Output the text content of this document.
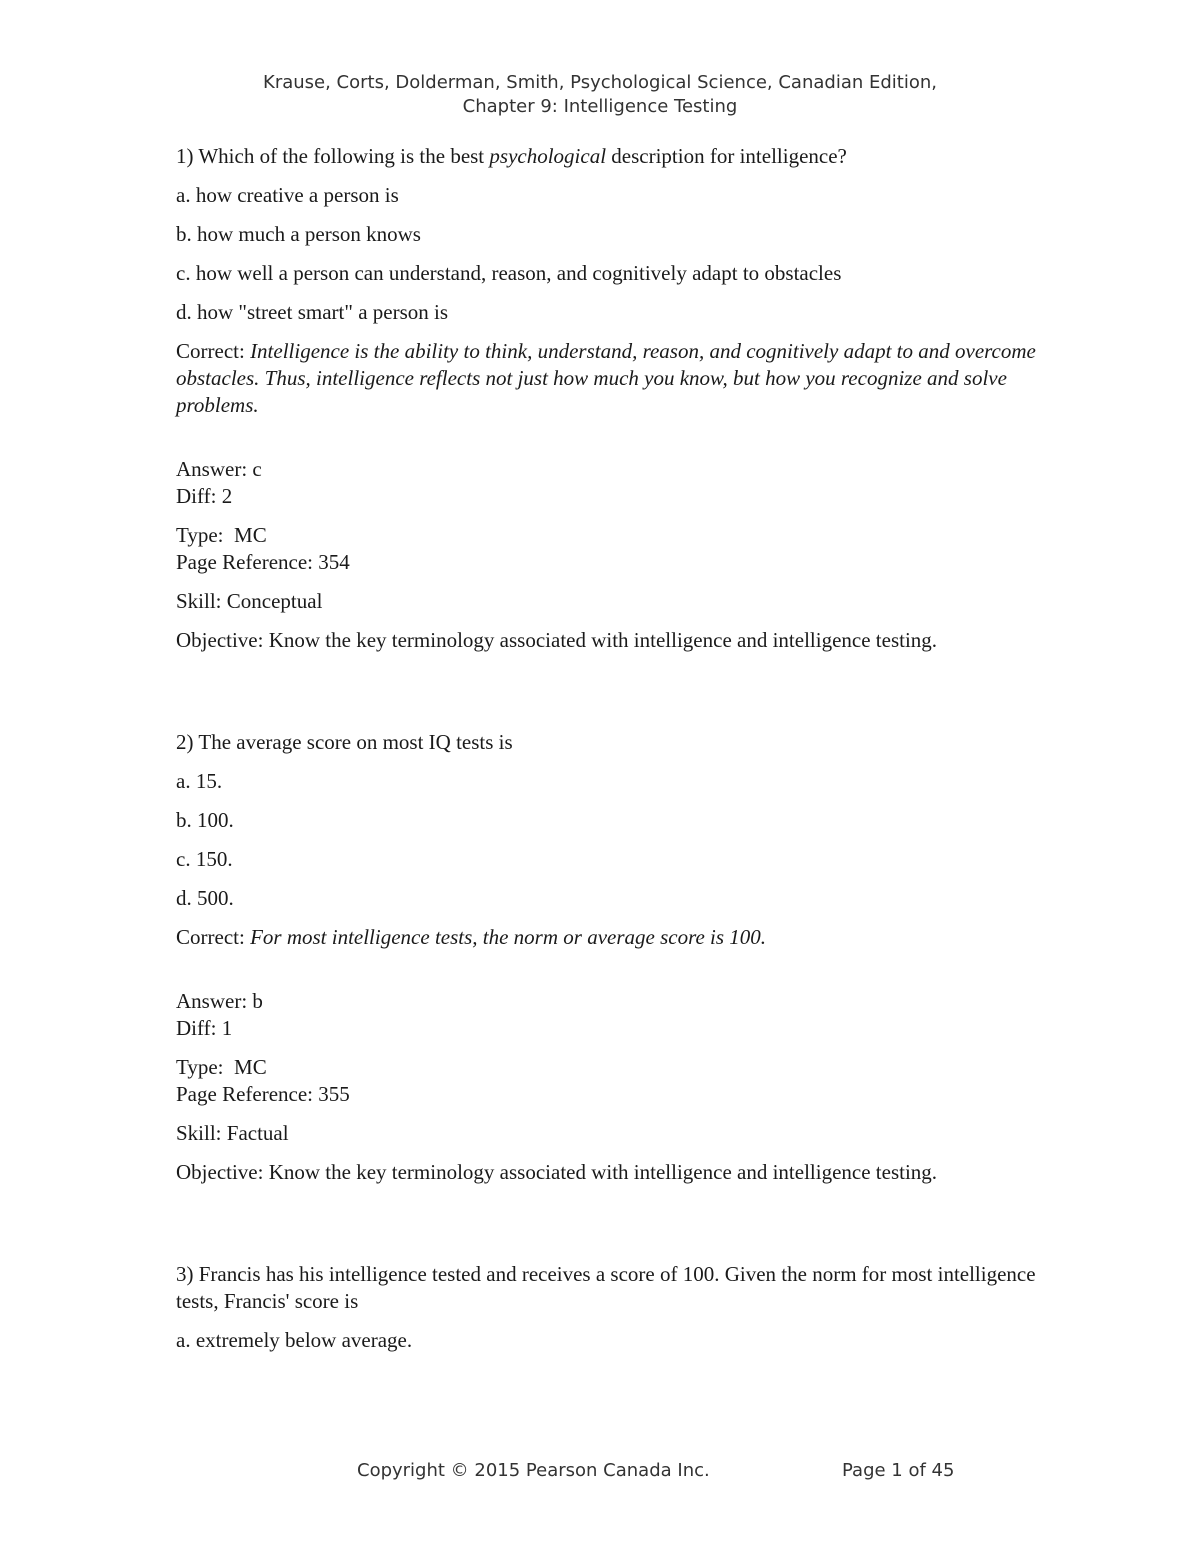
Krause, Corts, Dolderman, Smith, Psychological Science, Canadian Edition,
Chapter 9: Intelligence Testing

1) Which of the following is the best psychological description for intelligence?

a. how creative a person is

b. how much a person knows

c. how well a person can understand, reason, and cognitively adapt to obstacles

d. how "street smart" a person is

Correct: Intelligence is the ability to think, understand, reason, and cognitively adapt to and overcome obstacles. Thus, intelligence reflects not just how much you know, but how you recognize and solve problems.

Answer: c

Diff: 2

Type:  MC

Page Reference: 354

Skill: Conceptual

Objective: Know the key terminology associated with intelligence and intelligence testing.

2) The average score on most IQ tests is

a. 15.

b. 100.

c. 150.

d. 500.

Correct: For most intelligence tests, the norm or average score is 100.

Answer: b

Diff: 1

Type:  MC

Page Reference: 355

Skill: Factual

Objective: Know the key terminology associated with intelligence and intelligence testing.

3) Francis has his intelligence tested and receives a score of 100. Given the norm for most intelligence tests, Francis' score is

a. extremely below average.

Copyright © 2015 Pearson Canada Inc.	Page 1 of 45
